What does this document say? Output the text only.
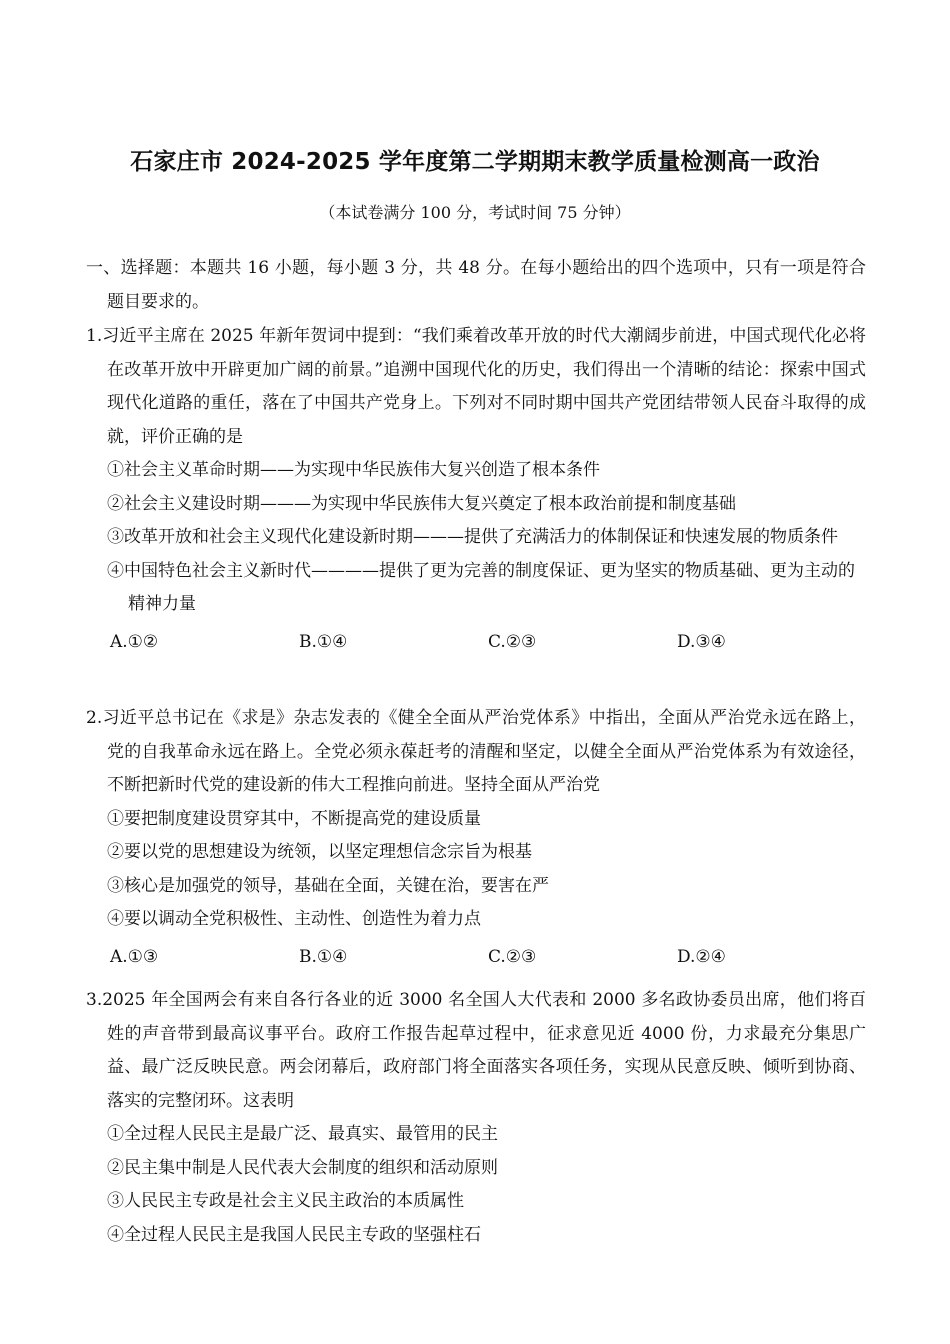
石家庄市 2024-2025 学年度第二学期期末教学质量检测高一政治
（本试卷满分 100 分，考试时间 75 分钟）
一、选择题：本题共 16 小题，每小题 3 分，共 48 分。在每小题给出的四个选项中，只有一项是符合题目要求的。
1.习近平主席在 2025 年新年贺词中提到：“我们乘着改革开放的时代大潮阔步前进，中国式现代化必将在改革开放中开辟更加广阔的前景。”追溯中国现代化的历史，我们得出一个清晰的结论：探索中国式现代化道路的重任，落在了中国共产党身上。下列对不同时期中国共产党团结带领人民奋斗取得的成就，评价正确的是
①社会主义革命时期——为实现中华民族伟大复兴创造了根本条件
②社会主义建设时期———为实现中华民族伟大复兴奠定了根本政治前提和制度基础
③改革开放和社会主义现代化建设新时期———提供了充满活力的体制保证和快速发展的物质条件
④中国特色社会主义新时代————提供了更为完善的制度保证、更为坚实的物质基础、更为主动的精神力量
A.①②	B.①④	C.②③	D.③④
2.习近平总书记在《求是》杂志发表的《健全全面从严治党体系》中指出，全面从严治党永远在路上，党的自我革命永远在路上。全党必须永葆赶考的清醒和坚定，以健全全面从严治党体系为有效途径，不断把新时代党的建设新的伟大工程推向前进。坚持全面从严治党
①要把制度建设贯穿其中，不断提高党的建设质量
②要以党的思想建设为统领，以坚定理想信念宗旨为根基
③核心是加强党的领导，基础在全面，关键在治，要害在严
④要以调动全党积极性、主动性、创造性为着力点
A.①③	B.①④	C.②③	D.②④
3.2025 年全国两会有来自各行各业的近 3000 名全国人大代表和 2000 多名政协委员出席，他们将百姓的声音带到最高议事平台。政府工作报告起草过程中，征求意见近 4000 份，力求最充分集思广益、最广泛反映民意。两会闭幕后，政府部门将全面落实各项任务，实现从民意反映、倾听到协商、落实的完整闭环。这表明
①全过程人民民主是最广泛、最真实、最管用的民主
②民主集中制是人民代表大会制度的组织和活动原则
③人民民主专政是社会主义民主政治的本质属性
④全过程人民民主是我国人民民主专政的坚强柱石
